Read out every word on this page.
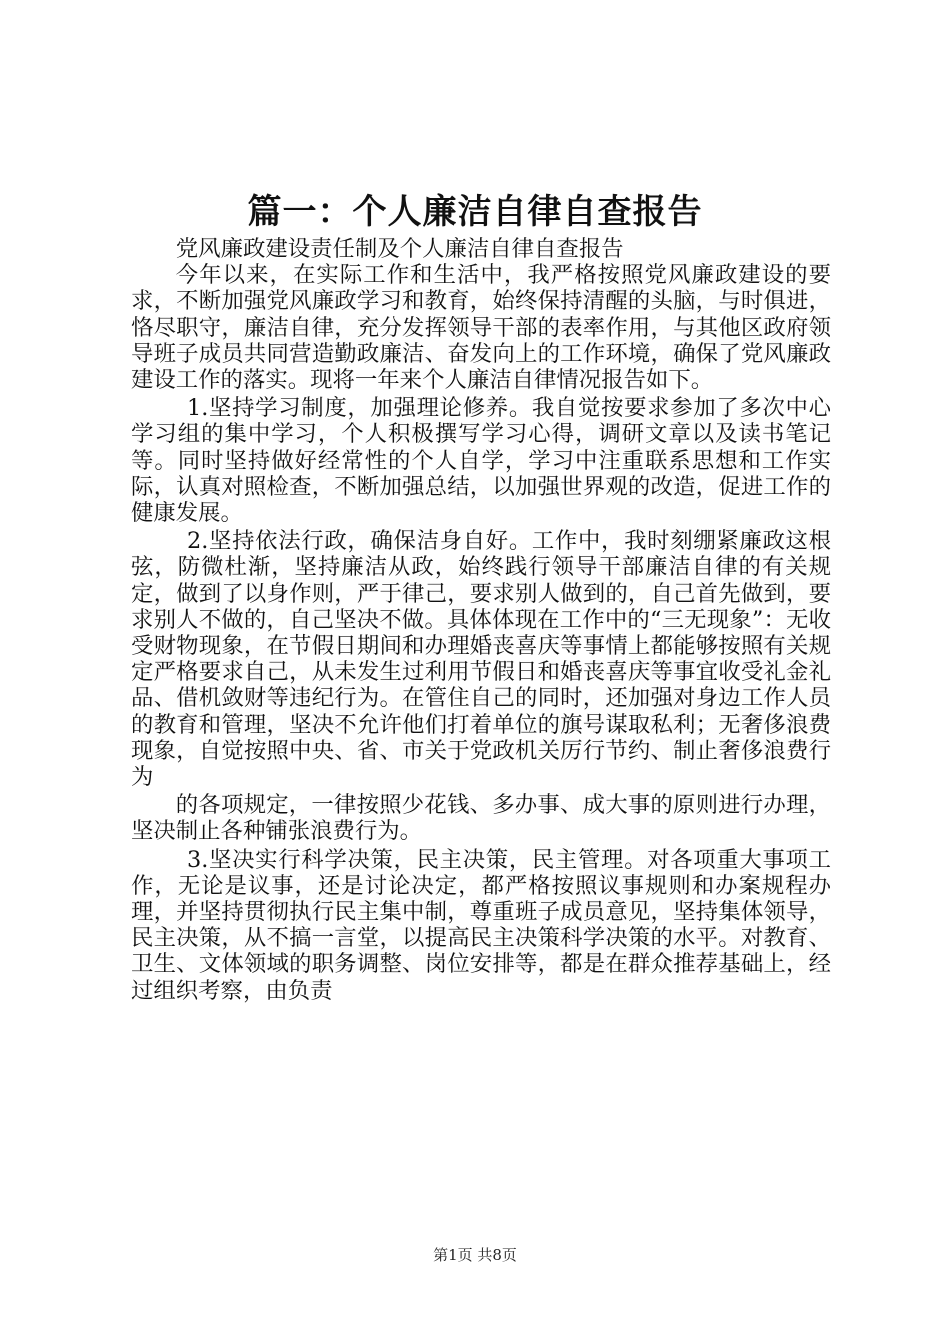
篇一：个人廉洁自律自查报告

党风廉政建设责任制及个人廉洁自律自查报告

今年以来，在实际工作和生活中，我严格按照党风廉政建设的要求，不断加强党风廉政学习和教育，始终保持清醒的头脑，与时俱进，恪尽职守，廉洁自律，充分发挥领导干部的表率作用，与其他区政府领导班子成员共同营造勤政廉洁、奋发向上的工作环境，确保了党风廉政建设工作的落实。现将一年来个人廉洁自律情况报告如下。

1.坚持学习制度，加强理论修养。我自觉按要求参加了多次中心学习组的集中学习，个人积极撰写学习心得，调研文章以及读书笔记等。同时坚持做好经常性的个人自学，学习中注重联系思想和工作实际，认真对照检查，不断加强总结，以加强世界观的改造，促进工作的健康发展。

2.坚持依法行政，确保洁身自好。工作中，我时刻绷紧廉政这根弦，防微杜渐，坚持廉洁从政，始终践行领导干部廉洁自律的有关规定，做到了以身作则，严于律己，要求别人做到的，自己首先做到，要求别人不做的，自己坚决不做。具体体现在工作中的“三无现象”：无收受财物现象，在节假日期间和办理婚丧喜庆等事情上都能够按照有关规定严格要求自己，从未发生过利用节假日和婚丧喜庆等事宜收受礼金礼品、借机敛财等违纪行为。在管住自己的同时，还加强对身边工作人员的教育和管理，坚决不允许他们打着单位的旗号谋取私利；无奢侈浪费现象，自觉按照中央、省、市关于党政机关厉行节约、制止奢侈浪费行为

的各项规定，一律按照少花钱、多办事、成大事的原则进行办理，坚决制止各种铺张浪费行为。

3.坚决实行科学决策，民主决策，民主管理。对各项重大事项工作，无论是议事，还是讨论决定，都严格按照议事规则和办案规程办理，并坚持贯彻执行民主集中制，尊重班子成员意见，坚持集体领导，民主决策，从不搞一言堂，以提高民主决策科学决策的水平。对教育、卫生、文体领域的职务调整、岗位安排等，都是在群众推荐基础上，经过组织考察，由负责

第1页 共8页
